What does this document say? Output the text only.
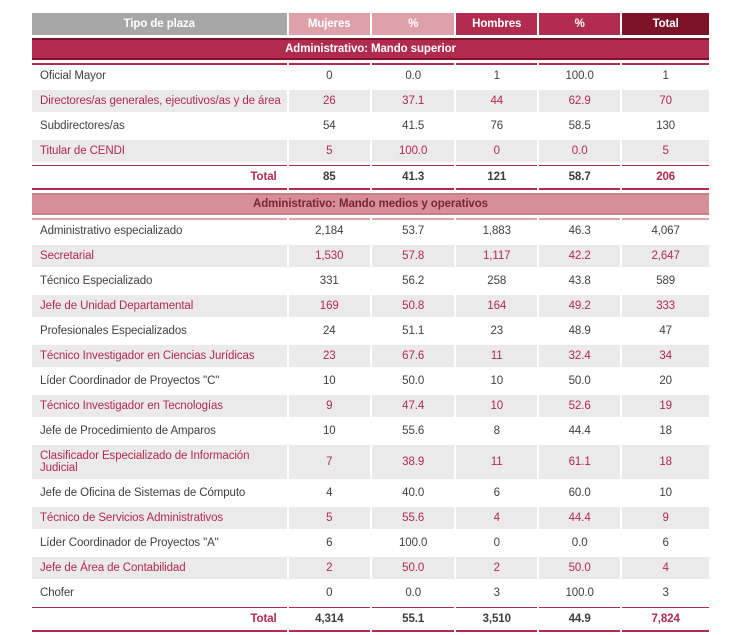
Tipo de plaza	Mujeres	%	Hombres	%	Total
Administrativo: Mando superior					
Oficial Mayor	0	0.0	1	100.0	1
Directores/as generales, ejecutivos/as y de área	26	37.1	44	62.9	70
Subdirectores/as	54	41.5	76	58.5	130
Titular de CENDI	5	100.0	0	0.0	5
Total	85	41.3	121	58.7	206
Administrativo: Mando medios y operativos					
Administrativo especializado	2,184	53.7	1,883	46.3	4,067
Secretarial	1,530	57.8	1,117	42.2	2,647
Técnico Especializado	331	56.2	258	43.8	589
Jefe de Unidad Departamental	169	50.8	164	49.2	333
Profesionales Especializados	24	51.1	23	48.9	47
Técnico Investigador en Ciencias Jurídicas	23	67.6	11	32.4	34
Líder Coordinador de Proyectos "C"	10	50.0	10	50.0	20
Técnico Investigador en Tecnologías	9	47.4	10	52.6	19
Jefe de Procedimiento de Amparos	10	55.6	8	44.4	18
Clasificador Especializado de Información Judicial	7	38.9	11	61.1	18
Jefe de Oficina de Sistemas de Cómputo	4	40.0	6	60.0	10
Técnico de Servicios Administrativos	5	55.6	4	44.4	9
Líder Coordinador de Proyectos "A"	6	100.0	0	0.0	6
Jefe de Área de Contabilidad	2	50.0	2	50.0	4
Chofer	0	0.0	3	100.0	3
Total	4,314	55.1	3,510	44.9	7,824
